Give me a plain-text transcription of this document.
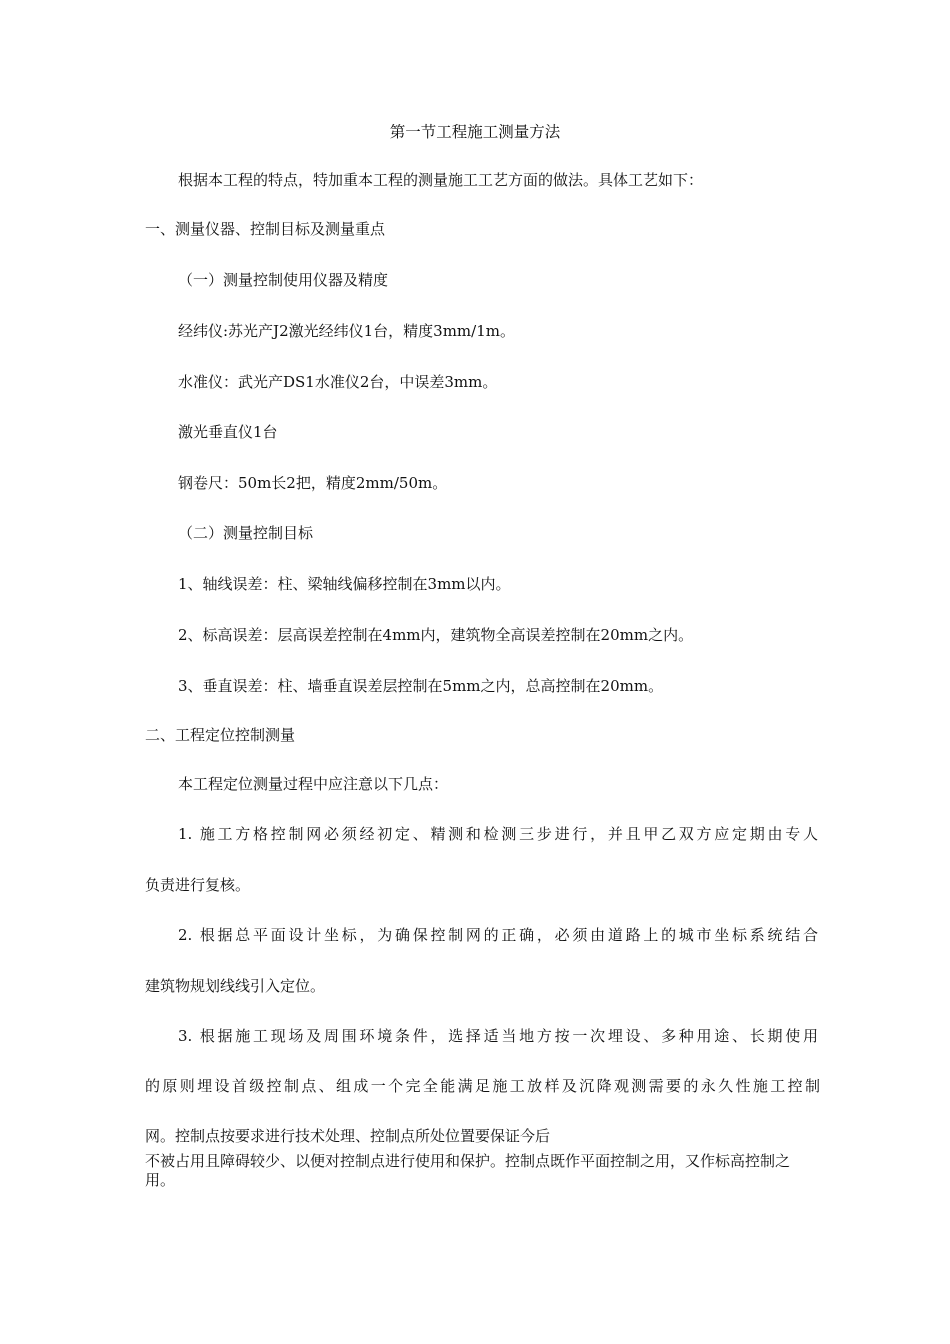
第一节工程施工测量方法
根据本工程的特点，特加重本工程的测量施工工艺方面的做法。具体工艺如下：
一、测量仪器、控制目标及测量重点
（一）测量控制使用仪器及精度
经纬仪:苏光产J2激光经纬仪1台，精度3mm/1m。
水准仪：武光产DS1水准仪2台，中误差3mm。
激光垂直仪1台
钢卷尺：50m长2把，精度2mm/50m。
（二）测量控制目标
1、轴线误差：柱、梁轴线偏移控制在3mm以内。
2、标高误差：层高误差控制在4mm内，建筑物全高误差控制在20mm之内。
3、垂直误差：柱、墙垂直误差层控制在5mm之内，总高控制在20mm。
二、工程定位控制测量
本工程定位测量过程中应注意以下几点：
1. 施工方格控制网必须经初定、精测和检测三步进行，并且甲乙双方应定期由专人
负责进行复核。
2. 根据总平面设计坐标，为确保控制网的正确，必须由道路上的城市坐标系统结合
建筑物规划线线引入定位。
3. 根据施工现场及周围环境条件，选择适当地方按一次埋设、多种用途、长期使用
的原则埋设首级控制点、组成一个完全能满足施工放样及沉降观测需要的永久性施工控制
网。控制点按要求进行技术处理、控制点所处位置要保证今后
不被占用且障碍较少、以便对控制点进行使用和保护。控制点既作平面控制之用，又作标高控制之用。
